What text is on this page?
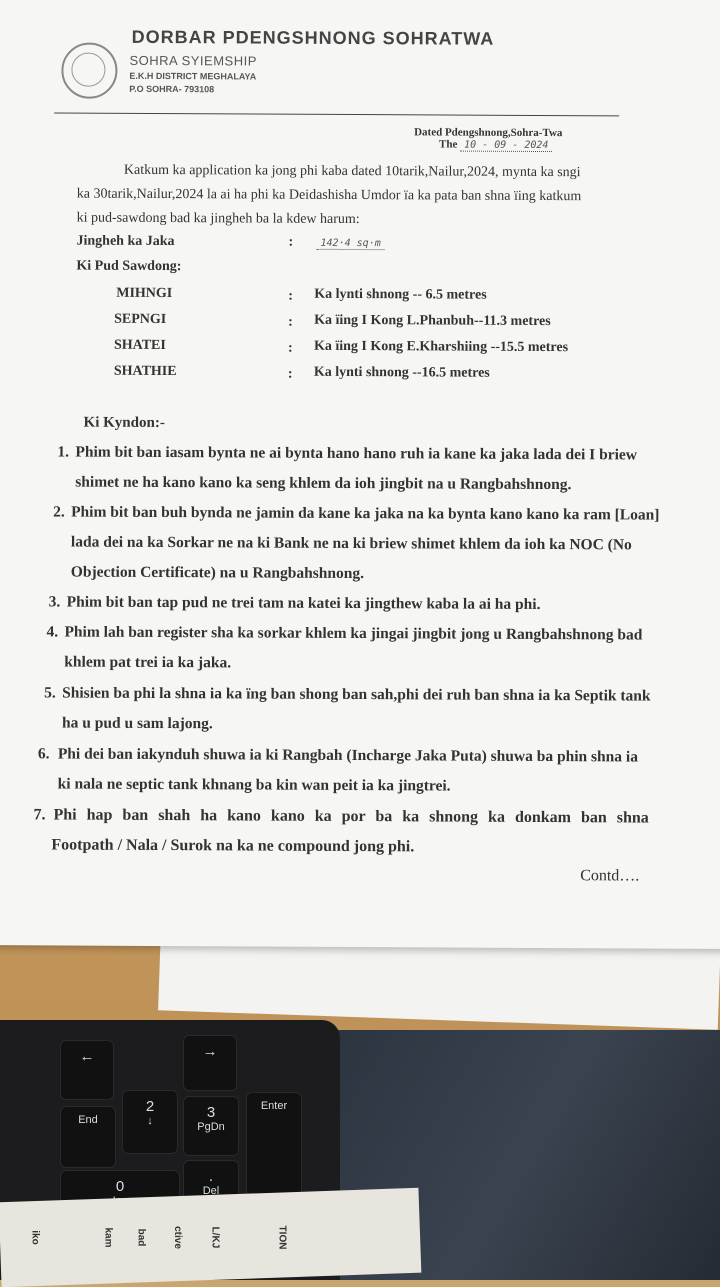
DORBAR PDENGSHNONG SOHRATWA
SOHRA SYIEMSHIP
E.K.H DISTRICT MEGHALAYA
P.O SOHRA- 793108
Dated Pdengshnong,Sohra-Twa
The 10 - 09 - 2024
Katkum ka application ka jong phi kaba dated 10tarik,Nailur,2024, mynta ka sngi
ka 30tarik,Nailur,2024 la ai ha phi ka Deidashisha Umdor ïa ka pata ban shna ïing katkum
ki pud-sawdong bad ka jingheh ba la kdew harum:
Jingheh ka Jaka	:	142·4 sq·m
Ki Pud Sawdong:
MIHNGI	: Ka lynti shnong -- 6.5 metres
SEPNGI	: Ka ïing I Kong L.Phanbuh--11.3 metres
SHATEI	: Ka ïing I Kong E.Kharshiing --15.5 metres
SHATHIE	: Ka lynti shnong --16.5 metres
Ki Kyndon:-
1. Phim bit ban iasam bynta ne ai bynta hano hano ruh ia kane ka jaka lada dei I briew
shimet ne ha kano kano ka seng khlem da ioh jingbit na u Rangbahshnong.
2. Phim bit ban buh bynda ne jamin da kane ka jaka na ka bynta kano kano ka ram [Loan]
lada dei na ka Sorkar ne na ki Bank ne na ki briew shimet khlem da ioh ka NOC (No
Objection Certificate) na u Rangbahshnong.
3. Phim bit ban tap pud ne trei tam na katei ka jingthew kaba la ai ha phi.
4. Phim lah ban register sha ka sorkar khlem ka jingai jingbit jong u Rangbahshnong bad
khlem pat trei ia ka jaka.
5. Shisien ba phi la shna ia ka ïng ban shong ban sah,phi dei ruh ban shna ia ka Septik tank
ha u pud u sam lajong.
6. Phi dei ban iakynduh shuwa ia ki Rangbah (Incharge Jaka Puta) shuwa ba phin shna ia
ki nala ne septic tank khnang ba kin wan peit ia ka jingtrei.
7. Phi hap ban shah ha kano kano ka por ba ka shnong ka donkam ban shna
Footpath / Nala / Surok na ka ne compound jong phi.
Contd….
←	→
End
2
↓	3
PgDn
Enter
0
.
Del
iko	kam bad	ctive	L/KJ	TION
